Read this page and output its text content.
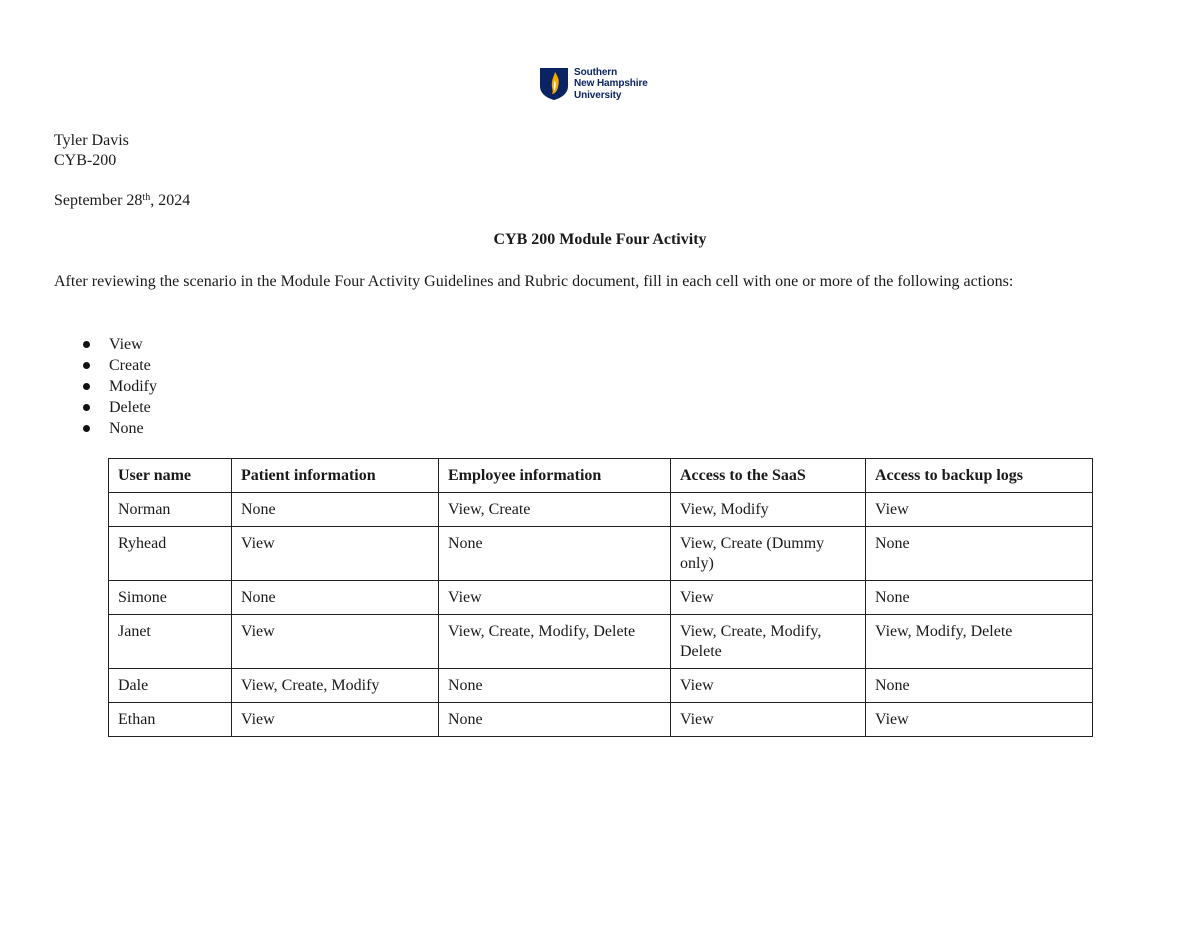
Southern
New Hampshire
University

Tyler Davis

CYB-200

September 28th, 2024

CYB 200 Module Four Activity

After reviewing the scenario in the Module Four Activity Guidelines and Rubric document, fill in each cell with one or more of the following actions:

View
Create
Modify
Delete
None
User name	Patient information	Employee information	Access to the SaaS	Access to backup logs
Norman	None	View, Create	View, Modify	View
Ryhead	View	None	View, Create (Dummy only)	None
Simone	None	View	View	None
Janet	View	View, Create, Modify, Delete	View, Create, Modify, Delete	View, Modify, Delete
Dale	View, Create, Modify	None	View	None
Ethan	View	None	View	View
